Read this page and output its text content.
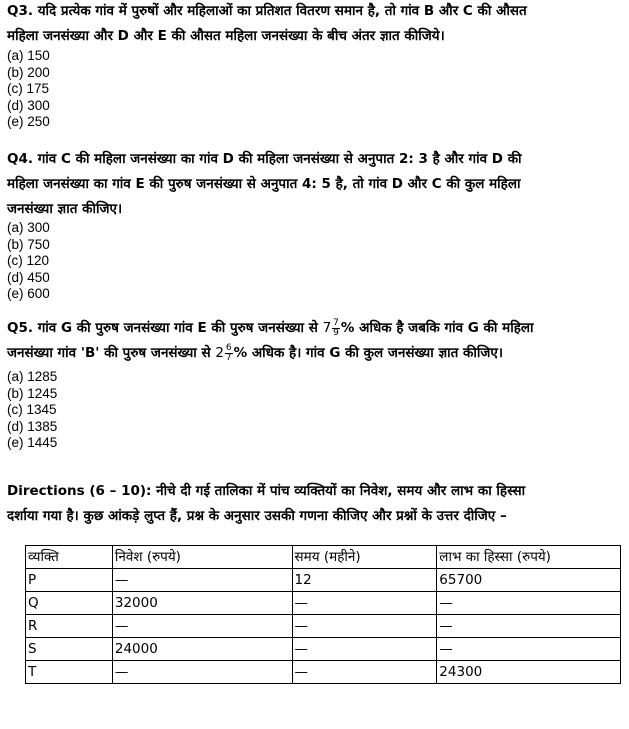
Q3. यदि प्रत्येक गांव में पुरुषों और महिलाओं का प्रतिशत वितरण समान है, तो गांव B और C की औसत

महिला जनसंख्या और D और E की औसत महिला जनसंख्या के बीच अंतर ज्ञात कीजिये।

(a) 150

(b) 200

(c) 175

(d) 300

(e) 250

Q4. गांव C की महिला जनसंख्या का गांव D की महिला जनसंख्या से अनुपात 2: 3 है और गांव D की

महिला जनसंख्या का गांव E की पुरुष जनसंख्या से अनुपात 4: 5 है, तो गांव D और C की कुल महिला

जनसंख्या ज्ञात कीजिए।

(a) 300

(b) 750

(c) 120

(d) 450

(e) 600

Q5. गांव G की पुरुष जनसंख्या गांव E की पुरुष जनसंख्या से $7 \frac{7}{9}$ % अधिक है जबकि गांव G की महिला

जनसंख्या गांव 'B' की पुरुष जनसंख्या से $2 \frac{6}{7}$ % अधिक है। गांव G की कुल जनसंख्या ज्ञात कीजिए।

(a) 1285

(b) 1245

(c) 1345

(d) 1385

(e) 1445

Directions (6 – 10): नीचे दी गई तालिका में पांच व्यक्तियों का निवेश, समय और लाभ का हिस्सा

दर्शाया गया है। कुछ आंकड़े लुप्त हैं, प्रश्न के अनुसार उसकी गणना कीजिए और प्रश्नों के उत्तर दीजिए –

व्यक्ति	निवेश (रुपये)	समय (महीने)	लाभ का हिस्सा (रुपये)
P	—	12	65700
Q	32000	—	—
R	—	—	—
S	24000	—	—
T	—	—	24300
